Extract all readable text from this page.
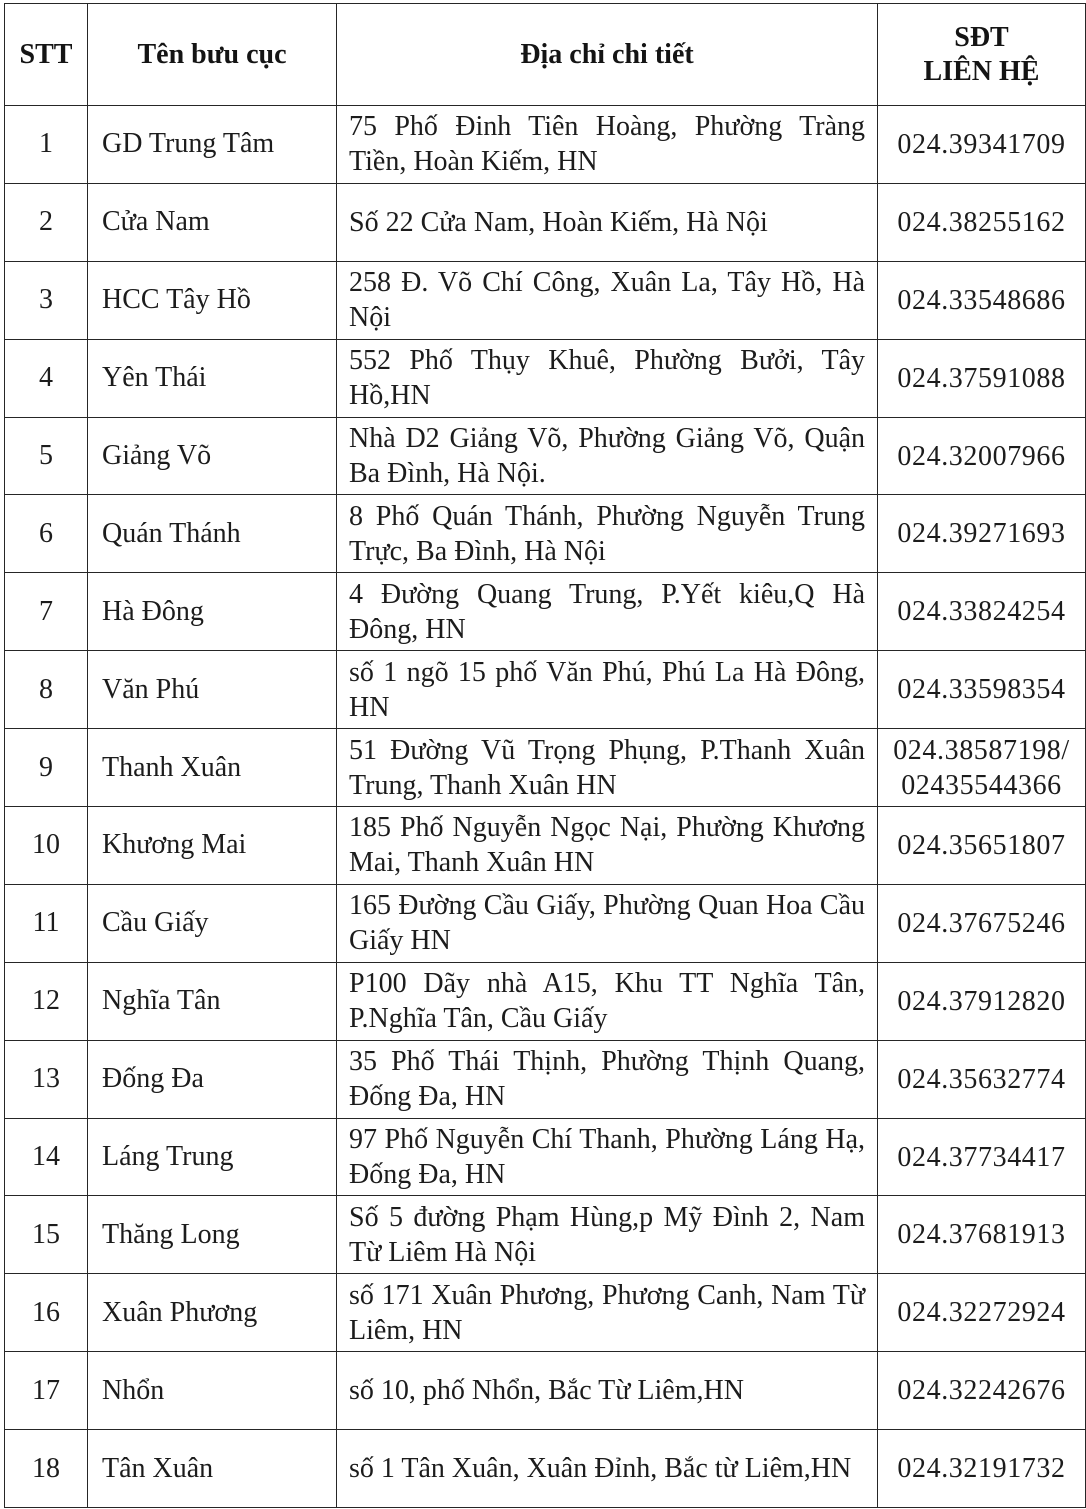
STT	Tên bưu cục	Địa chỉ chi tiết	SĐT
LIÊN HỆ

1	GD Trung Tâm	75 Phố Đinh Tiên Hoàng, Phường Tràng Tiền, Hoàn Kiếm, HN	024.39341709

2	Cửa Nam	Số 22 Cửa Nam, Hoàn Kiếm, Hà Nội	024.38255162

3	HCC Tây Hồ	258 Đ. Võ Chí Công, Xuân La, Tây Hồ, Hà Nội	024.33548686

4	Yên Thái	552 Phố Thụy Khuê, Phường Bưởi, Tây Hồ,HN	024.37591088

5	Giảng Võ	Nhà D2 Giảng Võ, Phường Giảng Võ, Quận Ba Đình, Hà Nội.	024.32007966

6	Quán Thánh	8 Phố Quán Thánh, Phường Nguyễn Trung Trực, Ba Đình, Hà Nội	024.39271693

7	Hà Đông	4 Đường Quang Trung, P.Yết kiêu,Q Hà Đông, HN	024.33824254

8	Văn Phú	số 1 ngõ 15 phố Văn Phú, Phú La Hà Đông, HN	024.33598354

9	Thanh Xuân	51 Đường Vũ Trọng Phụng, P.Thanh Xuân Trung, Thanh Xuân HN	024.38587198/
02435544366

10	Khương Mai	185 Phố Nguyễn Ngọc Nại, Phường Khương Mai, Thanh Xuân HN	024.35651807

11	Cầu Giấy	165 Đường Cầu Giấy, Phường Quan Hoa Cầu Giấy HN	024.37675246

12	Nghĩa Tân	P100 Dãy nhà A15, Khu TT Nghĩa Tân, P.Nghĩa Tân, Cầu Giấy	024.37912820

13	Đống Đa	35 Phố Thái Thịnh, Phường Thịnh Quang, Đống Đa, HN	024.35632774

14	Láng Trung	97 Phố Nguyễn Chí Thanh, Phường Láng Hạ, Đống Đa, HN	024.37734417

15	Thăng Long	Số 5 đường Phạm Hùng,p Mỹ Đình 2, Nam Từ Liêm Hà Nội	024.37681913

16	Xuân Phương	số 171 Xuân Phương, Phương Canh, Nam Từ Liêm, HN	024.32272924

17	Nhổn	số 10, phố Nhổn, Bắc Từ Liêm,HN	024.32242676

18	Tân Xuân	số 1 Tân Xuân, Xuân Đỉnh, Bắc từ Liêm,HN	024.32191732
